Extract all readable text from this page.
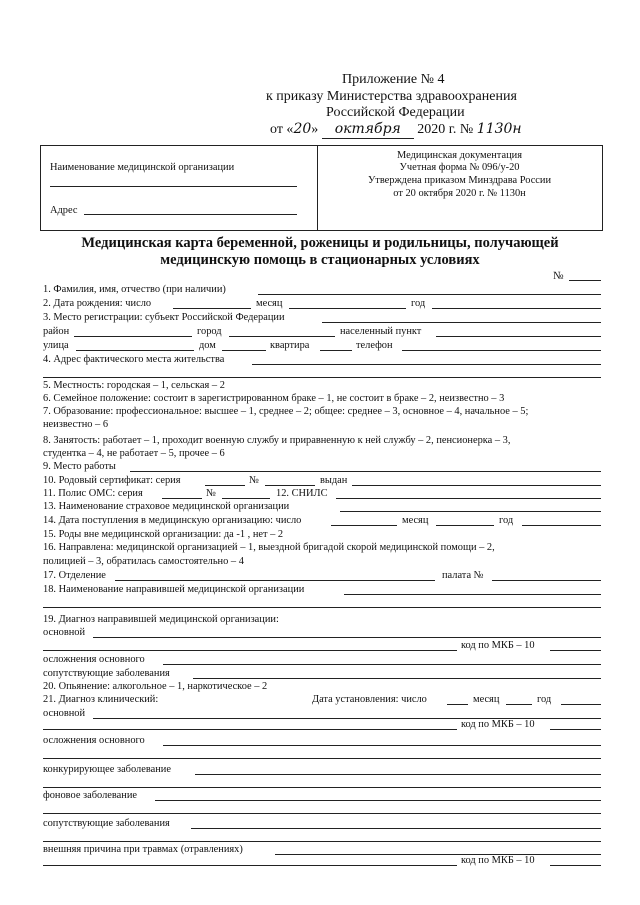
Приложение № 4
к приказу Министерства здравоохранения
Российской Федерации
от «20» октября 2020 г. № 1130н
Наименование медицинской организации
Адрес
Медицинская документация
Учетная форма № 096/у-20
Утверждена приказом Минздрава России
от 20 октября 2020 г. № 1130н
Медицинская карта беременной, роженицы и родильницы, получающей
медицинскую помощь в стационарных условиях
№
1. Фамилия, имя, отчество (при наличии)
2. Дата рождения: число	месяц	год
3. Место регистрации: субъект Российской Федерации
район	город	населенный пункт
улица	дом	квартира	телефон
4. Адрес фактического места жительства
5. Местность: городская – 1, сельская – 2
6. Семейное положение: состоит в зарегистрированном браке – 1, не состоит в браке – 2, неизвестно – 3
7. Образование: профессиональное: высшее – 1, среднее – 2; общее: среднее – 3, основное – 4, начальное – 5;
неизвестно – 6
8. Занятость: работает – 1, проходит военную службу и приравненную к ней службу – 2, пенсионерка – 3,
студентка – 4, не работает – 5, прочее – 6
9. Место работы
10. Родовый сертификат: серия	№	выдан
11. Полис ОМС: серия	№	12. СНИЛС
13. Наименование страховое медицинской организации
14. Дата поступления в медицинскую организацию: число	месяц	год
15. Роды вне медицинской организации: да -1 , нет – 2
16. Направлена: медицинской организацией – 1, выездной бригадой скорой медицинской помощи – 2,
полицией – 3, обратилась самостоятельно – 4
17. Отделение	палата №
18. Наименование направившей медицинской организации
19. Диагноз направившей медицинской организации:
основной
код по МКБ – 10
осложнения основного
сопутствующие заболевания
20. Опьянение: алкогольное – 1, наркотическое – 2
21. Диагноз клинический:	Дата установления: число	месяц	год
основной
код по МКБ – 10
осложнения основного
конкурирующее заболевание
фоновое заболевание
сопутствующие заболевания
внешняя причина при травмах (отравлениях)
код по МКБ – 10
